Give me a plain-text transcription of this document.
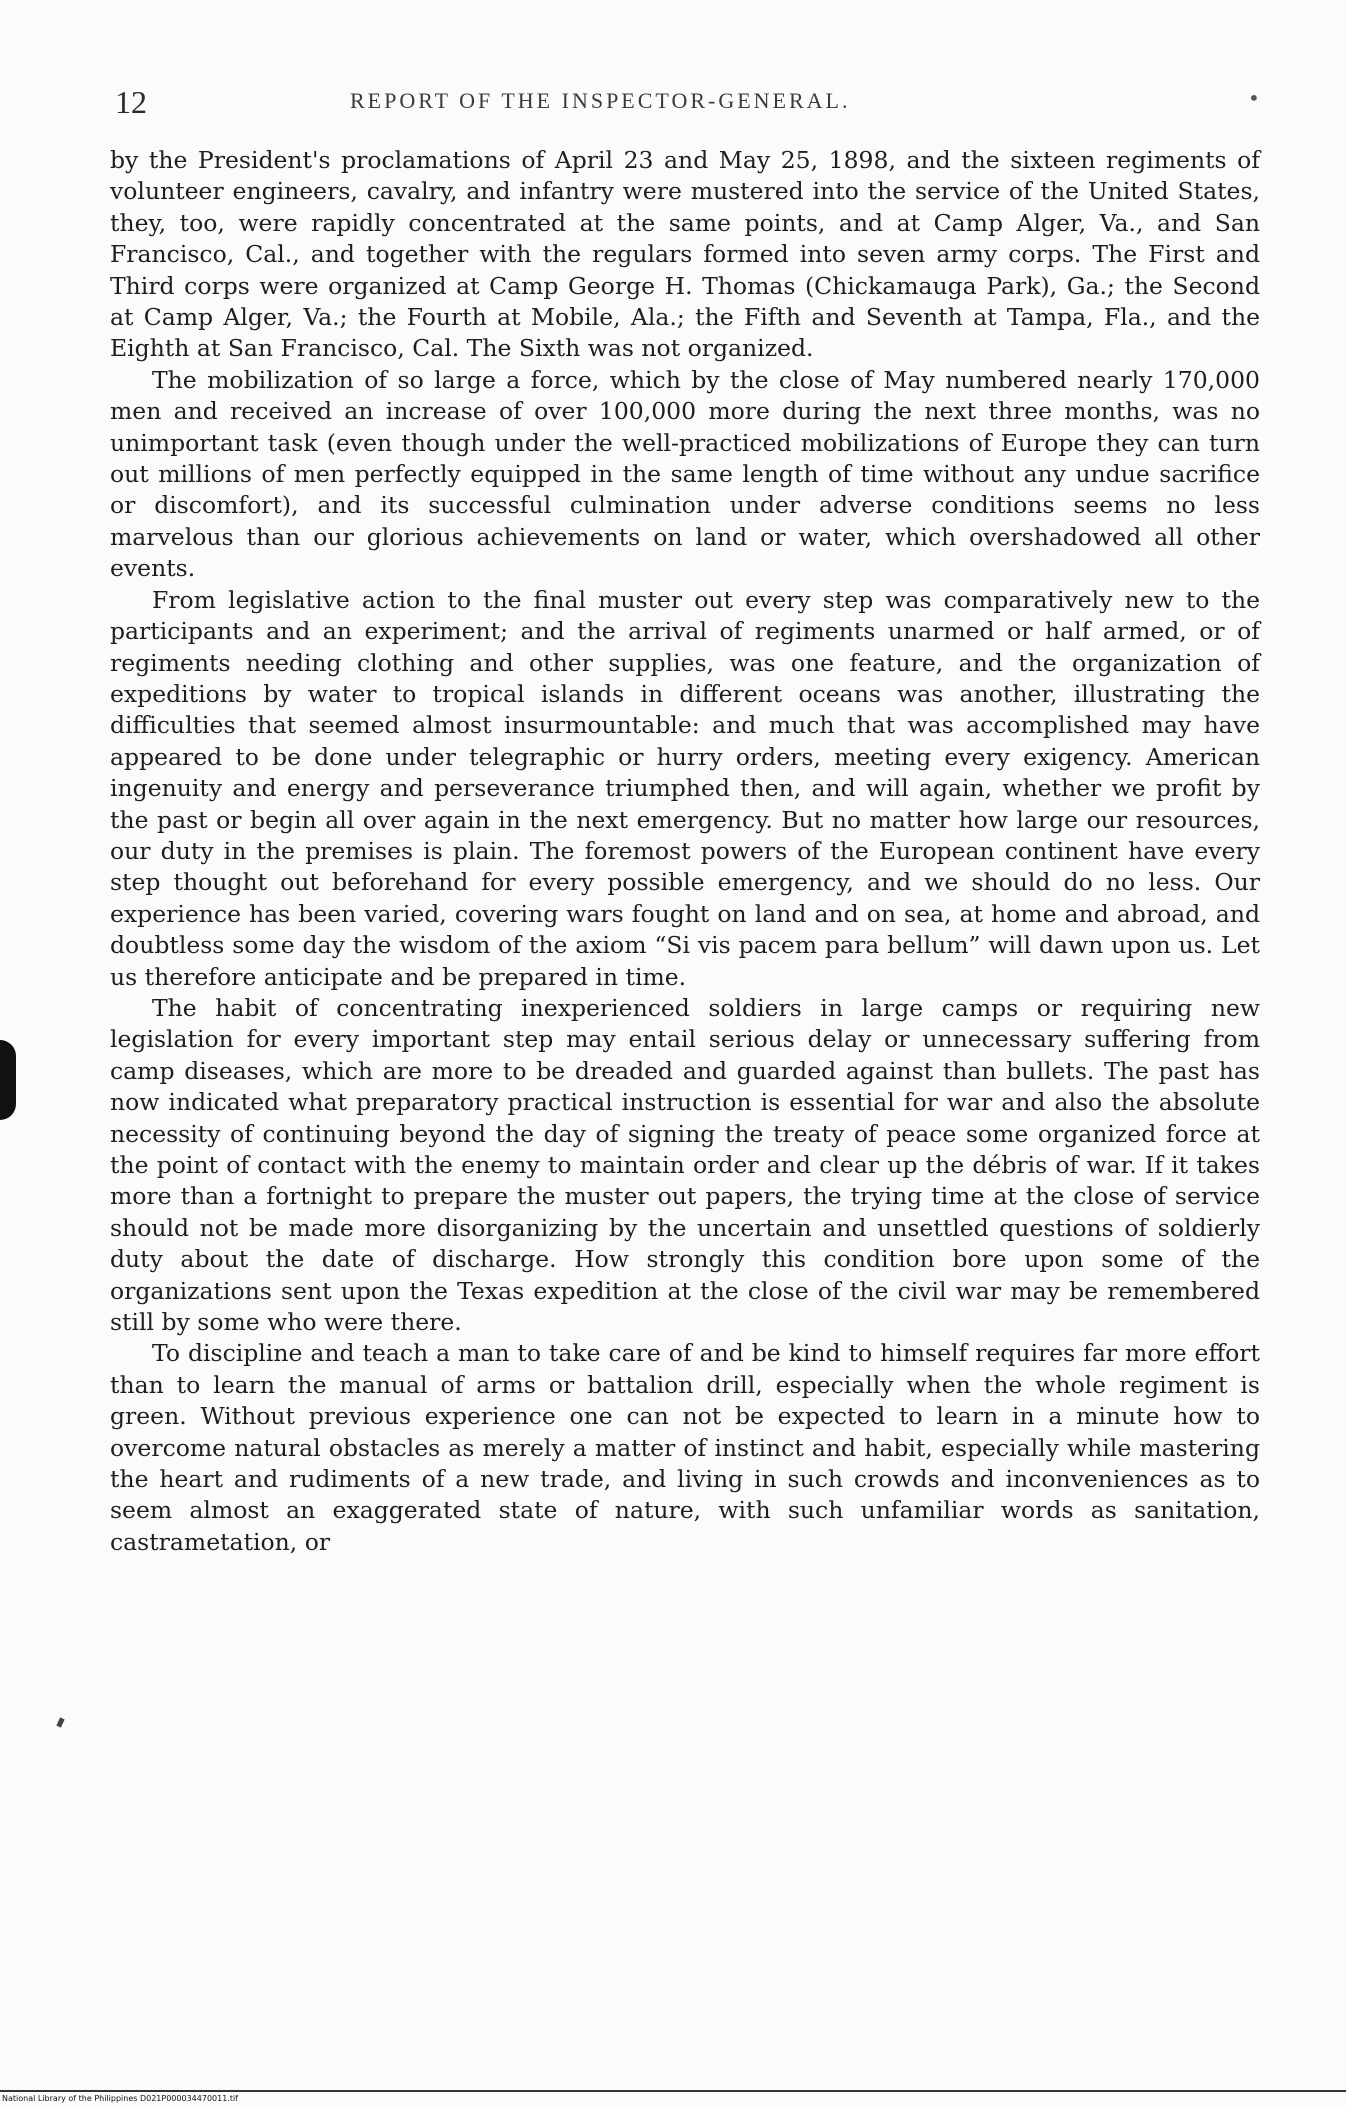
12	REPORT OF THE INSPECTOR-GENERAL.	•

by the President's proclamations of April 23 and May 25, 1898, and the sixteen regiments of volunteer engineers, cavalry, and infantry were mustered into the service of the United States, they, too, were rapidly concentrated at the same points, and at Camp Alger, Va., and San Francisco, Cal., and together with the regulars formed into seven army corps. The First and Third corps were organized at Camp George H. Thomas (Chickamauga Park), Ga.; the Second at Camp Alger, Va.; the Fourth at Mobile, Ala.; the Fifth and Seventh at Tampa, Fla., and the Eighth at San Francisco, Cal. The Sixth was not organized.

The mobilization of so large a force, which by the close of May numbered nearly 170,000 men and received an increase of over 100,000 more during the next three months, was no unimportant task (even though under the well-practiced mobilizations of Europe they can turn out millions of men perfectly equipped in the same length of time without any undue sacrifice or discomfort), and its successful culmination under adverse conditions seems no less marvelous than our glorious achievements on land or water, which overshadowed all other events.

From legislative action to the final muster out every step was comparatively new to the participants and an experiment; and the arrival of regiments unarmed or half armed, or of regiments needing clothing and other supplies, was one feature, and the organization of expeditions by water to tropical islands in different oceans was another, illustrating the difficulties that seemed almost insurmountable: and much that was accomplished may have appeared to be done under telegraphic or hurry orders, meeting every exigency. American ingenuity and energy and perseverance triumphed then, and will again, whether we profit by the past or begin all over again in the next emergency. But no matter how large our resources, our duty in the premises is plain. The foremost powers of the European continent have every step thought out beforehand for every possible emergency, and we should do no less. Our experience has been varied, covering wars fought on land and on sea, at home and abroad, and doubtless some day the wisdom of the axiom “Si vis pacem para bellum” will dawn upon us. Let us therefore anticipate and be prepared in time.

The habit of concentrating inexperienced soldiers in large camps or requiring new legislation for every important step may entail serious delay or unnecessary suffering from camp diseases, which are more to be dreaded and guarded against than bullets. The past has now indicated what preparatory practical instruction is essential for war and also the absolute necessity of continuing beyond the day of signing the treaty of peace some organized force at the point of contact with the enemy to maintain order and clear up the débris of war. If it takes more than a fortnight to prepare the muster out papers, the trying time at the close of service should not be made more disorganizing by the uncertain and unsettled questions of soldierly duty about the date of discharge. How strongly this condition bore upon some of the organizations sent upon the Texas expedition at the close of the civil war may be remembered still by some who were there.

To discipline and teach a man to take care of and be kind to himself requires far more effort than to learn the manual of arms or battalion drill, especially when the whole regiment is green. Without previous experience one can not be expected to learn in a minute how to overcome natural obstacles as merely a matter of instinct and habit, especially while mastering the heart and rudiments of a new trade, and living in such crowds and inconveniences as to seem almost an exaggerated state of nature, with such unfamiliar words as sanitation, castrametation, or

National Library of the Philippines D021P000034470011.tif
